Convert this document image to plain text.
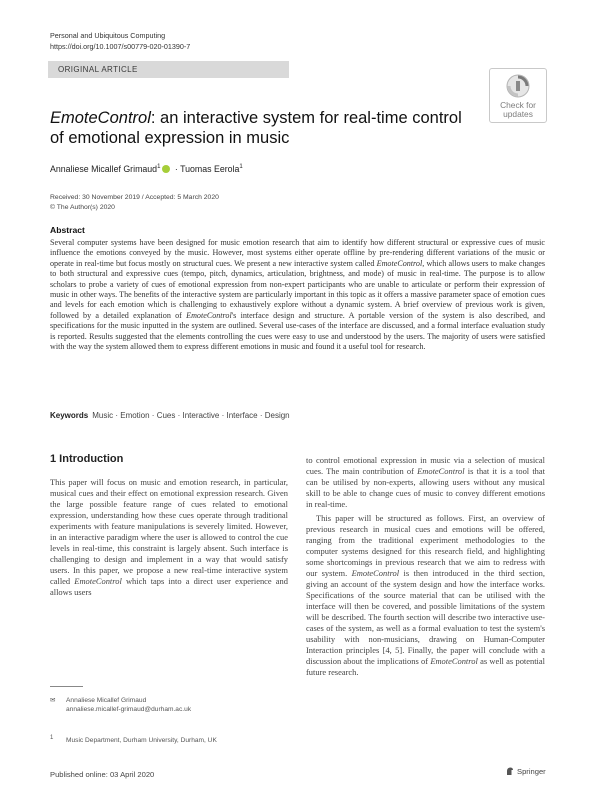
Personal and Ubiquitous Computing
https://doi.org/10.1007/s00779-020-01390-7
ORIGINAL ARTICLE
Check for
updates
EmoteControl: an interactive system for real-time control of emotional expression in music
Annaliese Micallef Grimaud$^1$ · Tuomas Eerola$^1$
Received: 30 November 2019 / Accepted: 5 March 2020
© The Author(s) 2020
Abstract
Several computer systems have been designed for music emotion research that aim to identify how different structural or expressive cues of music influence the emotions conveyed by the music. However, most systems either operate offline by pre-rendering different variations of the music or operate in real-time but focus mostly on structural cues. We present a new interactive system called EmoteControl, which allows users to make changes to both structural and expressive cues (tempo, pitch, dynamics, articulation, brightness, and mode) of music in real-time. The purpose is to allow scholars to probe a variety of cues of emotional expression from non-expert participants who are unable to articulate or perform their expression of music in other ways. The benefits of the interactive system are particularly important in this topic as it offers a massive parameter space of emotion cues and levels for each emotion which is challenging to exhaustively explore without a dynamic system. A brief overview of previous work is given, followed by a detailed explanation of EmoteControl's interface design and structure. A portable version of the system is also described, and specifications for the music inputted in the system are outlined. Several use-cases of the interface are discussed, and a formal interface evaluation study is reported. Results suggested that the elements controlling the cues were easy to use and understood by the users. The majority of users were satisfied with the way the system allowed them to express different emotions in music and found it a useful tool for research.
Keywords Music · Emotion · Cues · Interactive · Interface · Design
1 Introduction

This paper will focus on music and emotion research, in particular, musical cues and their effect on emotional expression research. Given the large possible feature range of cues related to emotional expression, understanding how these cues operate through traditional experiments with feature manipulations is severely limited. However, in an interactive paradigm where the user is allowed to control the cue levels in real-time, this constraint is largely absent. Such interface is challenging to design and implement in a way that would satisfy users. In this paper, we propose a new real-time interactive system called EmoteControl which taps into a direct user experience and allows users

to control emotional expression in music via a selection of musical cues. The main contribution of EmoteControl is that it is a tool that can be utilised by non-experts, allowing users without any musical skill to be able to change cues of music to convey different emotions in real-time.

This paper will be structured as follows. First, an overview of previous research in musical cues and emotions will be offered, ranging from the traditional experiment methodologies to the computer systems designed for this research field, and highlighting some shortcomings in previous research that we aim to redress with our system. EmoteControl is then introduced in the third section, giving an account of the system design and how the interface works. Specifications of the source material that can be utilised with the interface will then be covered, and possible limitations of the system will be described. The fourth section will describe two interactive use-cases of the system, as well as a formal evaluation to test the system's usability with non-musicians, drawing on Human-Computer Interaction principles [4, 5]. Finally, the paper will conclude with a discussion about the implications of EmoteControl as well as potential future research.

✉ Annaliese Micallef Grimaud
annaliese.micallef-grimaud@durham.ac.uk
1 Music Department, Durham University, Durham, UK
Published online: 03 April 2020	Springer
